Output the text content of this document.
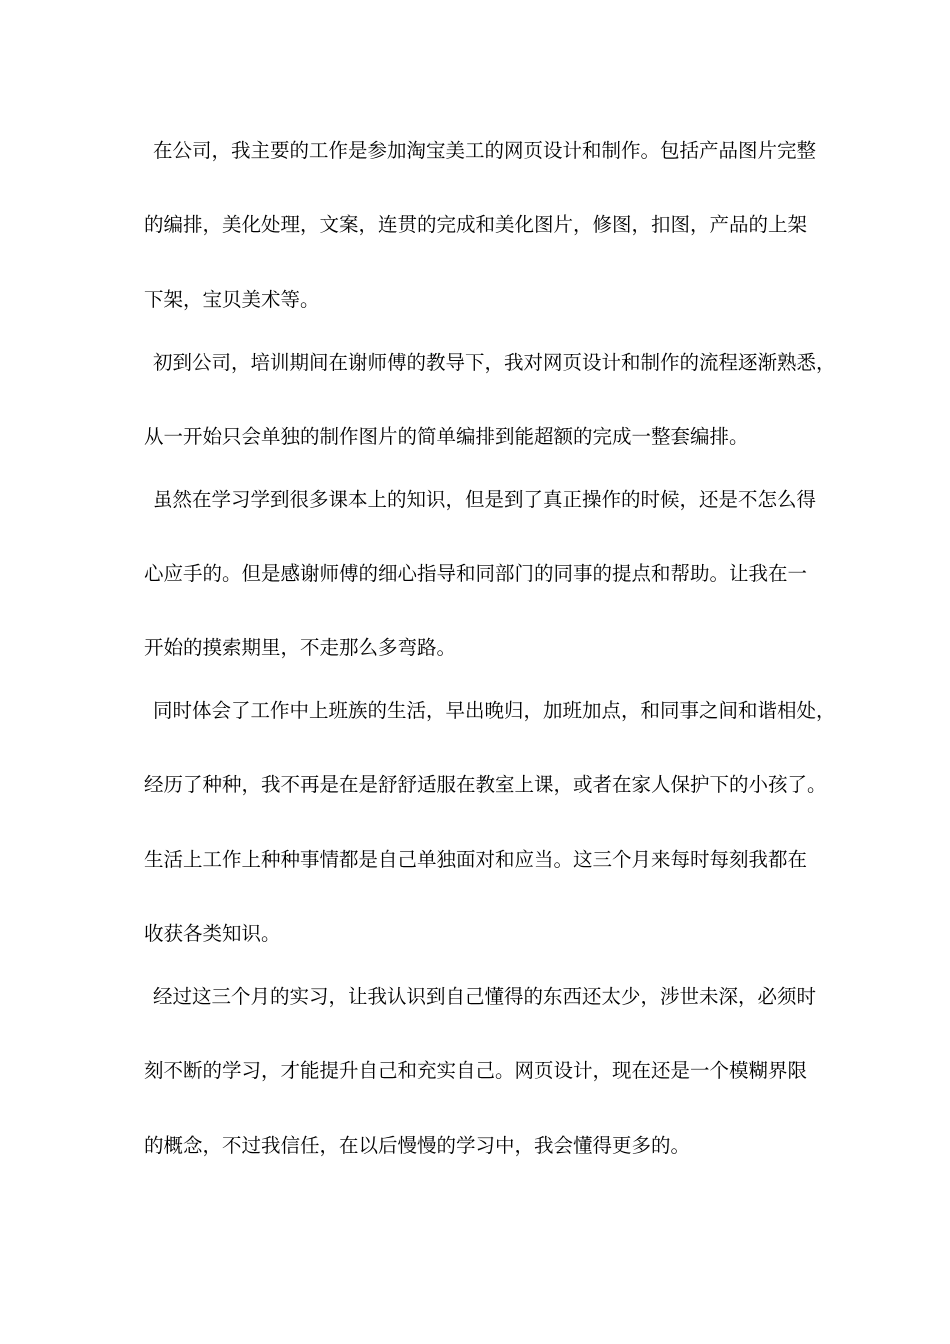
在公司，我主要的工作是参加淘宝美工的网页设计和制作。包括产品图片完整
的编排，美化处理，文案，连贯的完成和美化图片，修图，扣图，产品的上架
下架，宝贝美术等。
初到公司，培训期间在谢师傅的教导下，我对网页设计和制作的流程逐渐熟悉，
从一开始只会单独的制作图片的简单编排到能超额的完成一整套编排。
虽然在学习学到很多课本上的知识，但是到了真正操作的时候，还是不怎么得
心应手的。但是感谢师傅的细心指导和同部门的同事的提点和帮助。让我在一
开始的摸索期里，不走那么多弯路。
同时体会了工作中上班族的生活，早出晚归，加班加点，和同事之间和谐相处，
经历了种种，我不再是在是舒舒适服在教室上课，或者在家人保护下的小孩了。
生活上工作上种种事情都是自己单独面对和应当。这三个月来每时每刻我都在
收获各类知识。
经过这三个月的实习，让我认识到自己懂得的东西还太少，涉世未深，必须时
刻不断的学习，才能提升自己和充实自己。网页设计，现在还是一个模糊界限
的概念，不过我信任，在以后慢慢的学习中，我会懂得更多的。
